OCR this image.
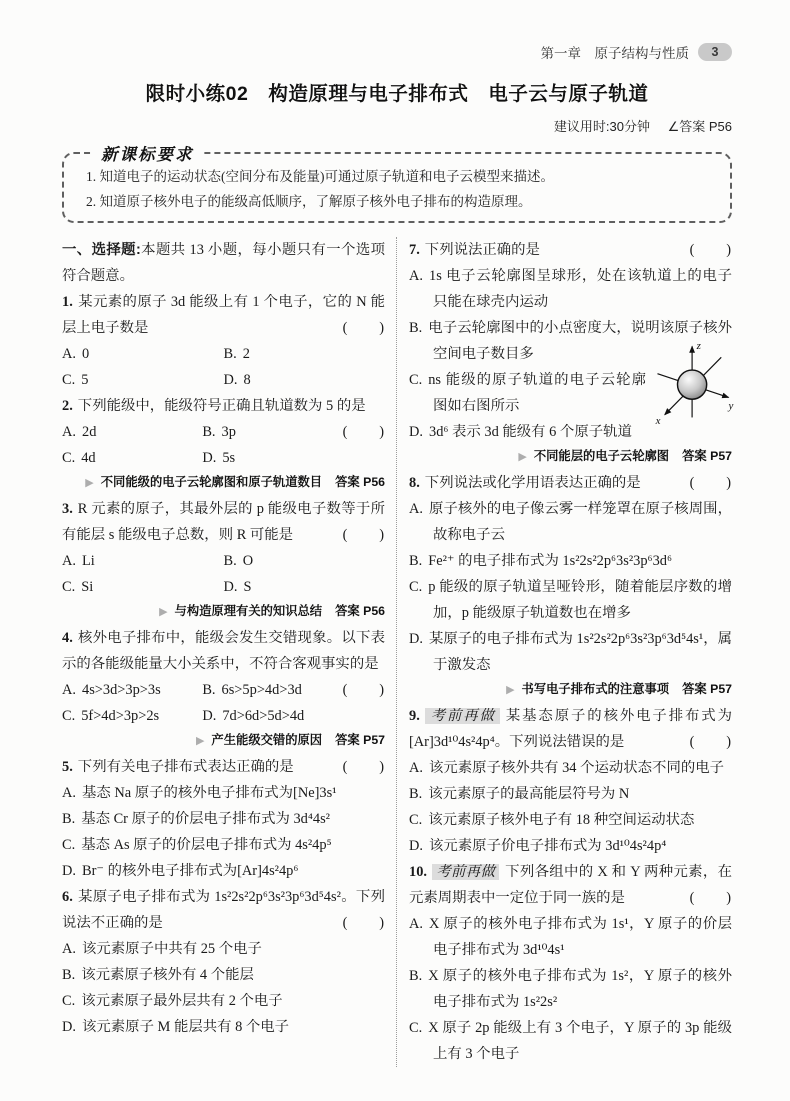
第一章　原子结构与性质	3
限时小练02　构造原理与电子排布式　电子云与原子轨道
建议用时:30分钟 ∠答案 P56
新课标要求

1. 知道电子的运动状态(空间分布及能量)可通过原子轨道和电子云模型来描述。

2. 知道原子核外电子的能级高低顺序，了解原子核外电子排布的构造原理。

一、选择题:本题共 13 小题，每小题只有一个选项符合题意。

1. 某元素的原子 3d 能级上有 1 个电子，它的 N 能层上电子数是	(　　)

A. 0	B. 2
C. 5	D. 8

2. 下列能级中，能级符号正确且轨道数为 5 的是
(　　)

A. 2d	B. 3p
C. 4d	D. 5s

▶ 不同能级的电子云轮廓图和原子轨道数目 答案 P56

3. R 元素的原子，其最外层的 p 能级电子数等于所有能层 s 能级电子总数，则 R 可能是	(　　)

A. Li	B. O
C. Si	D. S

▶ 与构造原理有关的知识总结 答案 P56

4. 核外电子排布中，能级会发生交错现象。以下表示的各能级能量大小关系中，不符合客观事实的是
(　　)

A. 4s>3d>3p>3s	B. 6s>5p>4d>3d
C. 5f>4d>3p>2s	D. 7d>6d>5d>4d

▶ 产生能级交错的原因 答案 P57

5. 下列有关电子排布式表达正确的是	(　　)

A. 基态 Na 原子的核外电子排布式为[Ne]3s¹

B. 基态 Cr 原子的价层电子排布式为 3d⁴4s²

C. 基态 As 原子的价层电子排布式为 4s²4p⁵

D. Br⁻ 的核外电子排布式为[Ar]4s²4p⁶

6. 某原子电子排布式为 1s²2s²2p⁶3s²3p⁶3d⁵4s²。下列说法不正确的是	(　　)

A. 该元素原子中共有 25 个电子

B. 该元素原子核外有 4 个能层

C. 该元素原子最外层共有 2 个电子

D. 该元素原子 M 能层共有 8 个电子

7. 下列说法正确的是	(　　)

A. 1s 电子云轮廓图呈球形，处在该轨道上的电子只能在球壳内运动

B. 电子云轮廓图中的小点密度大，说明该原子核外空间电子数目多	z
y
x
C. ns 能级的原子轨道的电子云轮廓图如右图所示

D. 3d⁶ 表示 3d 能级有 6 个原子轨道

▶ 不同能层的电子云轮廓图 答案 P57

8. 下列说法或化学用语表达正确的是	(　　)

A. 原子核外的电子像云雾一样笼罩在原子核周围，故称电子云

B. Fe²⁺ 的电子排布式为 1s²2s²2p⁶3s²3p⁶3d⁶

C. p 能级的原子轨道呈哑铃形，随着能层序数的增加，p 能级原子轨道数也在增多

D. 某原子的电子排布式为 1s²2s²2p⁶3s²3p⁶3d⁵4s¹，属于激发态

▶ 书写电子排布式的注意事项 答案 P57

9. 考前再做 某基态原子的核外电子排布式为[Ar]3d¹⁰4s²4p⁴。下列说法错误的是	(　　)

A. 该元素原子核外共有 34 个运动状态不同的电子

B. 该元素原子的最高能层符号为 N

C. 该元素原子核外电子有 18 种空间运动状态

D. 该元素原子价电子排布式为 3d¹⁰4s²4p⁴

10. 考前再做 下列各组中的 X 和 Y 两种元素，在元素周期表中一定位于同一族的是	(　　)

A. X 原子的核外电子排布式为 1s¹，Y 原子的价层电子排布式为 3d¹⁰4s¹

B. X 原子的核外电子排布式为 1s²，Y 原子的核外电子排布式为 1s²2s²

C. X 原子 2p 能级上有 3 个电子，Y 原子的 3p 能级上有 3 个电子
